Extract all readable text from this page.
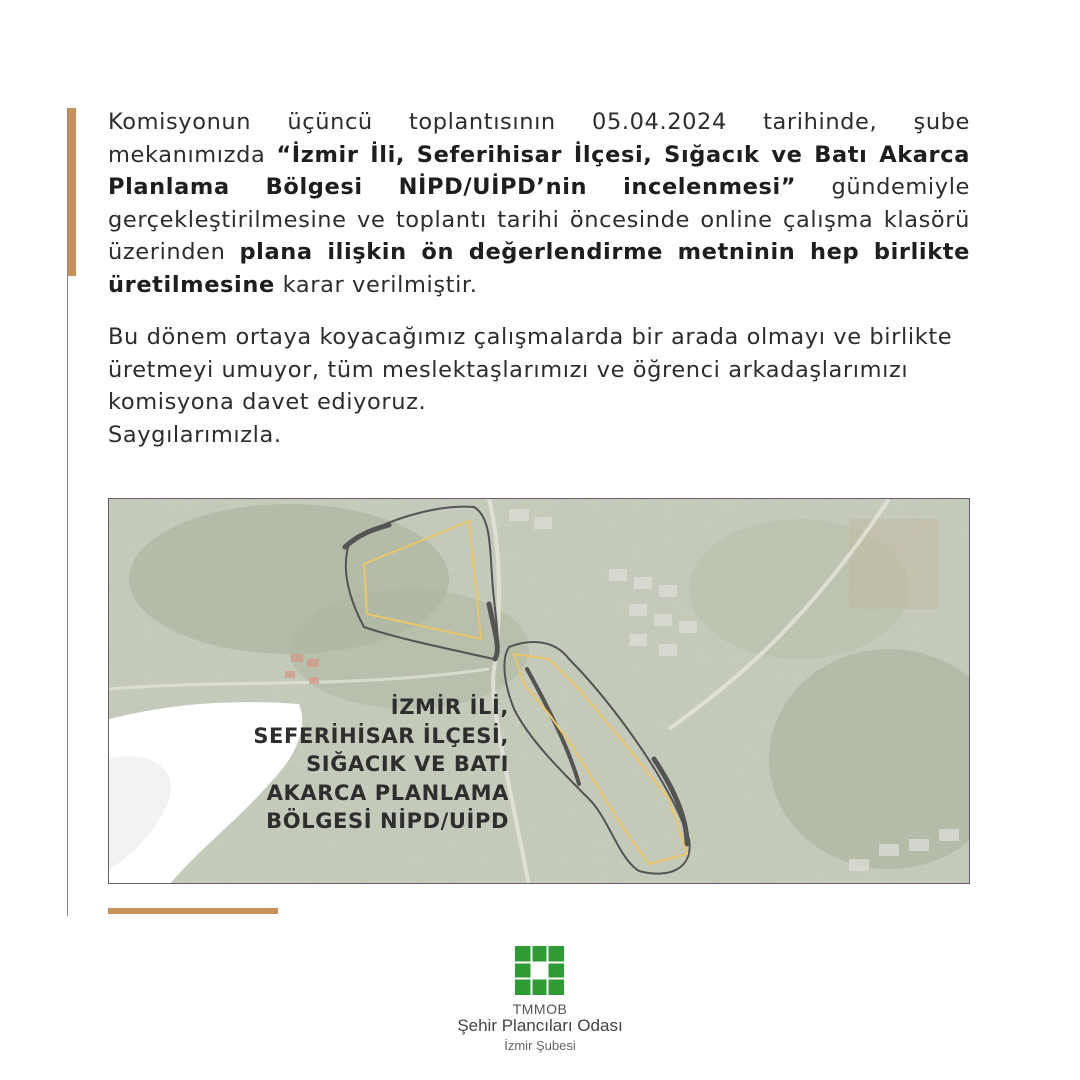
Komisyonun üçüncü toplantısının 05.04.2024 tarihinde, şube mekanımızda “İzmir İli, Seferihisar İlçesi, Sığacık ve Batı Akarca Planlama Bölgesi NİPD/UİPD’nin incelenmesi” gündemiyle gerçekleştirilmesine ve toplantı tarihi öncesinde online çalışma klasörü üzerinden plana ilişkin ön değerlendirme metninin hep birlikte üretilmesine karar verilmiştir.

Bu dönem ortaya koyacağımız çalışmalarda bir arada olmayı ve birlikte üretmeyi umuyor, tüm meslektaşlarımızı ve öğrenci arkadaşlarımızı komisyona davet ediyoruz.
Saygılarımızla.

İZMİR İLİ,
SEFERİHİSAR İLÇESİ,
SIĞACIK VE BATI
AKARCA PLANLAMA
BÖLGESİ NİPD/UİPD
TMMOB
Şehir Plancıları Odası
İzmir Şubesi
